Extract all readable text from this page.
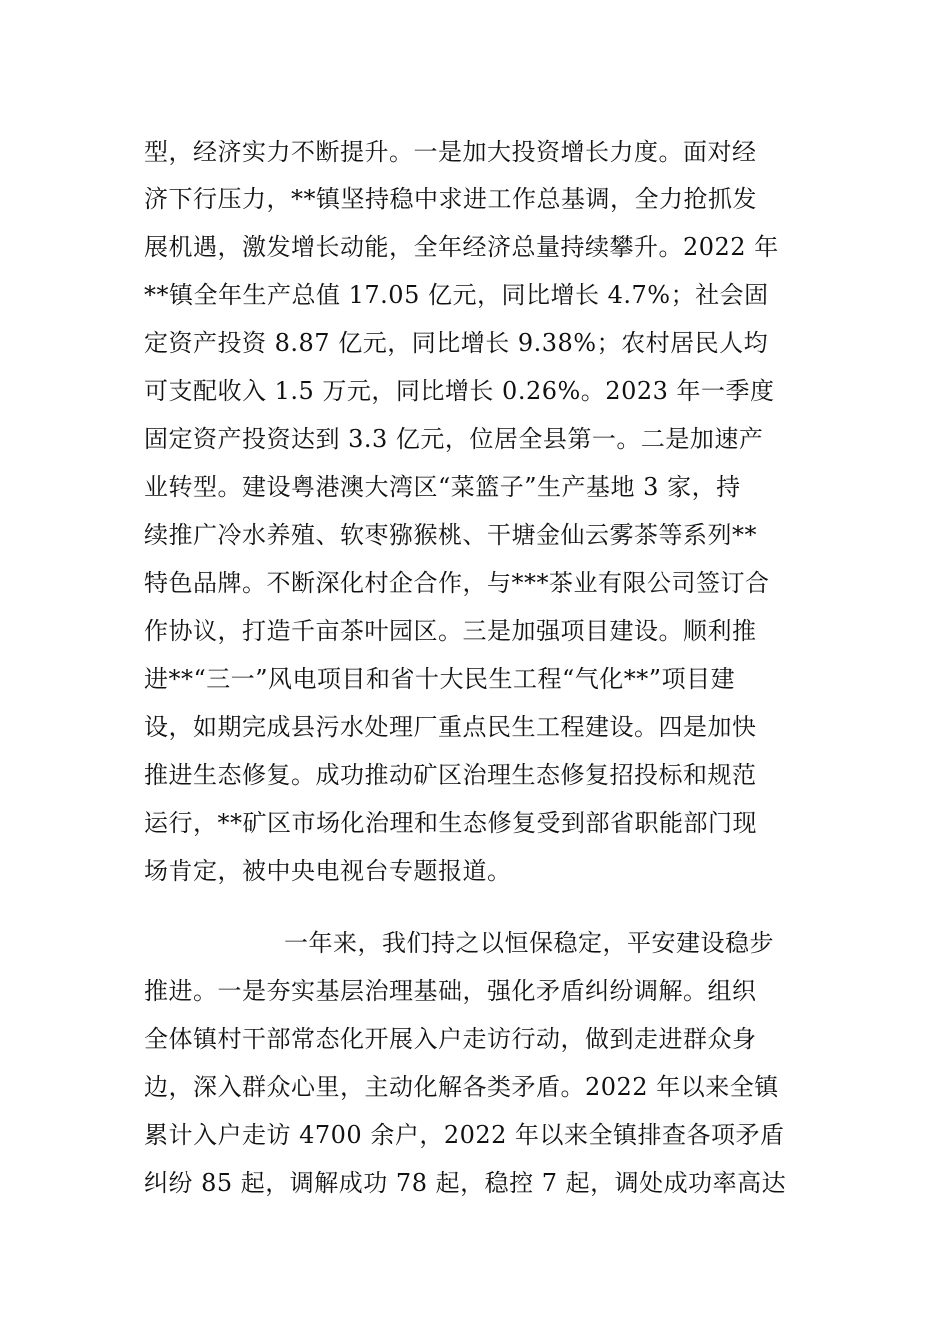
型，经济实力不断提升。一是加大投资增长力度。面对经
济下行压力，**镇坚持稳中求进工作总基调，全力抢抓发
展机遇，激发增长动能，全年经济总量持续攀升。2022 年
**镇全年生产总值 17.05 亿元，同比增长 4.7%；社会固
定资产投资 8.87 亿元，同比增长 9.38%；农村居民人均
可支配收入 1.5 万元，同比增长 0.26%。2023 年一季度
固定资产投资达到 3.3 亿元，位居全县第一。二是加速产
业转型。建设粤港澳大湾区“菜篮子”生产基地 3 家，持
续推广冷水养殖、软枣猕猴桃、干塘金仙云雾茶等系列**
特色品牌。不断深化村企合作，与***茶业有限公司签订合
作协议，打造千亩茶叶园区。三是加强项目建设。顺利推
进**“三一”风电项目和省十大民生工程“气化**”项目建
设，如期完成县污水处理厂重点民生工程建设。四是加快
推进生态修复。成功推动矿区治理生态修复招投标和规范
运行，**矿区市场化治理和生态修复受到部省职能部门现
场肯定，被中央电视台专题报道。
一年来，我们持之以恒保稳定，平安建设稳步
推进。一是夯实基层治理基础，强化矛盾纠纷调解。组织
全体镇村干部常态化开展入户走访行动，做到走进群众身
边，深入群众心里，主动化解各类矛盾。2022 年以来全镇
累计入户走访 4700 余户，2022 年以来全镇排查各项矛盾
纠纷 85 起，调解成功 78 起，稳控 7 起，调处成功率高达
